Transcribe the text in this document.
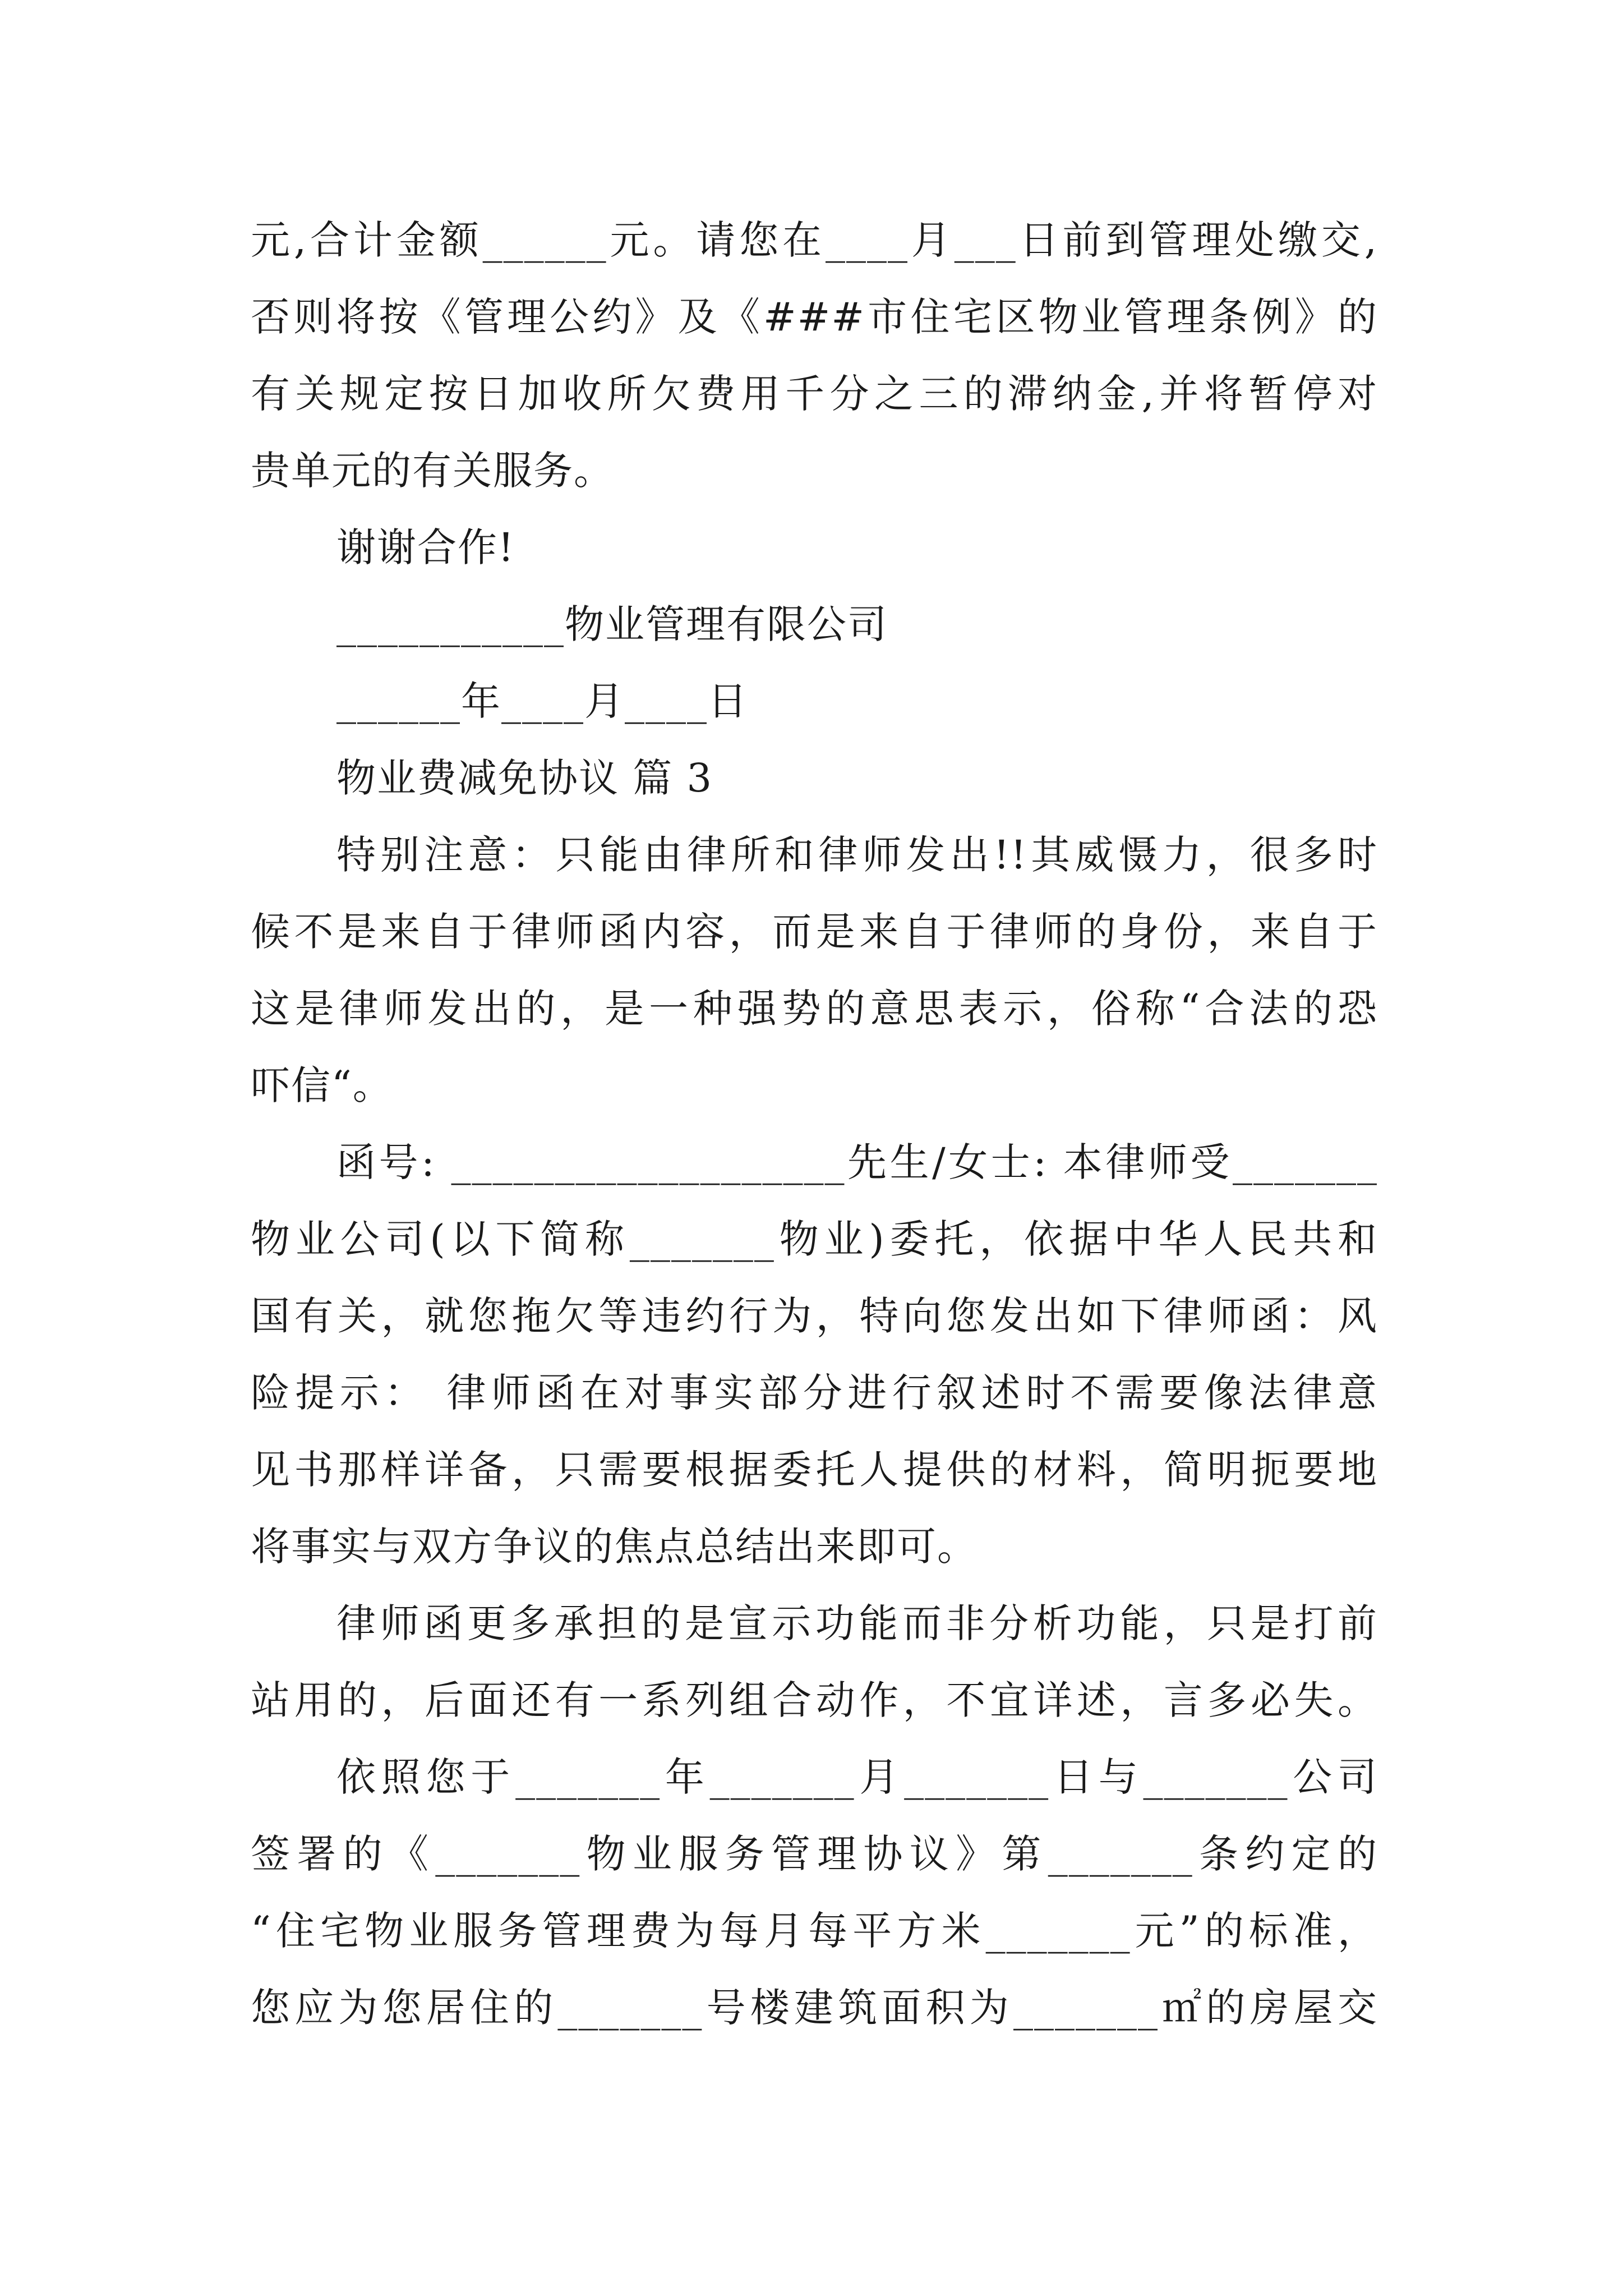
元,合计金额______元。请您在____月___日前到管理处缴交,
否则将按《管理公约》及《###市住宅区物业管理条例》的
有关规定按日加收所欠费用千分之三的滞纳金,并将暂停对
贵单元的有关服务。
谢谢合作!
___________物业管理有限公司
______年____月____日
物业费减免协议 篇 3
特别注意：只能由律所和律师发出!!其威慑力，很多时
候不是来自于律师函内容，而是来自于律师的身份，来自于
这是律师发出的，是一种强势的意思表示，俗称“合法的恐
吓信“。
函号: ___________________先生/女士: 本律师受_______
物业公司(以下简称_______物业)委托，依据中华人民共和
国有关，就您拖欠等违约行为，特向您发出如下律师函：风
险提示： 律师函在对事实部分进行叙述时不需要像法律意
见书那样详备，只需要根据委托人提供的材料，简明扼要地
将事实与双方争议的焦点总结出来即可。
律师函更多承担的是宣示功能而非分析功能，只是打前
站用的，后面还有一系列组合动作，不宜详述，言多必失。
依照您于_______年_______月_______日与_______公司
签署的《_______物业服务管理协议》第_______条约定的
“住宅物业服务管理费为每月每平方米_______元”的标准，
您应为您居住的_______号楼建筑面积为_______㎡的房屋交
